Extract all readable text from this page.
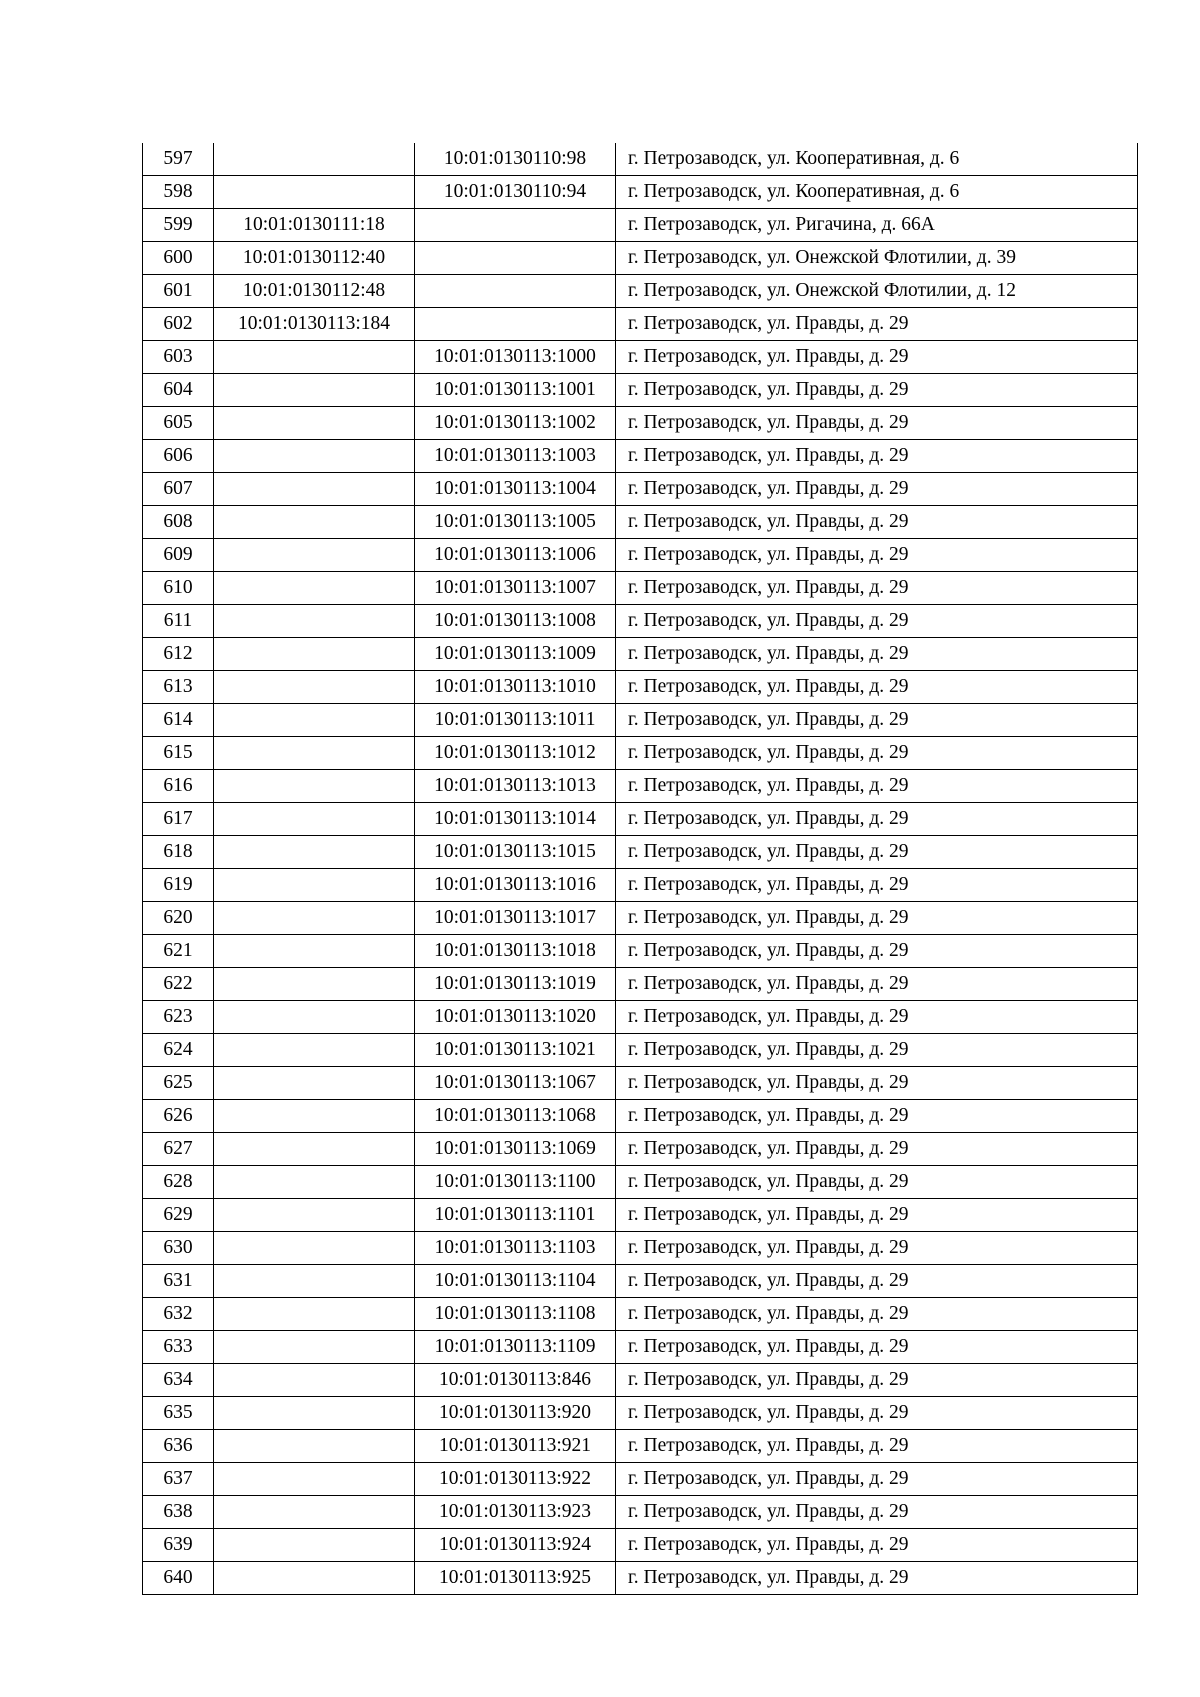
597		10:01:0130110:98	г. Петрозаводск, ул. Кооперативная, д. 6
598		10:01:0130110:94	г. Петрозаводск, ул. Кооперативная, д. 6
599	10:01:0130111:18		г. Петрозаводск, ул. Ригачина, д. 66А
600	10:01:0130112:40		г. Петрозаводск, ул. Онежской Флотилии, д. 39
601	10:01:0130112:48		г. Петрозаводск, ул. Онежской Флотилии, д. 12
602	10:01:0130113:184		г. Петрозаводск, ул. Правды, д. 29
603		10:01:0130113:1000	г. Петрозаводск, ул. Правды, д. 29
604		10:01:0130113:1001	г. Петрозаводск, ул. Правды, д. 29
605		10:01:0130113:1002	г. Петрозаводск, ул. Правды, д. 29
606		10:01:0130113:1003	г. Петрозаводск, ул. Правды, д. 29
607		10:01:0130113:1004	г. Петрозаводск, ул. Правды, д. 29
608		10:01:0130113:1005	г. Петрозаводск, ул. Правды, д. 29
609		10:01:0130113:1006	г. Петрозаводск, ул. Правды, д. 29
610		10:01:0130113:1007	г. Петрозаводск, ул. Правды, д. 29
611		10:01:0130113:1008	г. Петрозаводск, ул. Правды, д. 29
612		10:01:0130113:1009	г. Петрозаводск, ул. Правды, д. 29
613		10:01:0130113:1010	г. Петрозаводск, ул. Правды, д. 29
614		10:01:0130113:1011	г. Петрозаводск, ул. Правды, д. 29
615		10:01:0130113:1012	г. Петрозаводск, ул. Правды, д. 29
616		10:01:0130113:1013	г. Петрозаводск, ул. Правды, д. 29
617		10:01:0130113:1014	г. Петрозаводск, ул. Правды, д. 29
618		10:01:0130113:1015	г. Петрозаводск, ул. Правды, д. 29
619		10:01:0130113:1016	г. Петрозаводск, ул. Правды, д. 29
620		10:01:0130113:1017	г. Петрозаводск, ул. Правды, д. 29
621		10:01:0130113:1018	г. Петрозаводск, ул. Правды, д. 29
622		10:01:0130113:1019	г. Петрозаводск, ул. Правды, д. 29
623		10:01:0130113:1020	г. Петрозаводск, ул. Правды, д. 29
624		10:01:0130113:1021	г. Петрозаводск, ул. Правды, д. 29
625		10:01:0130113:1067	г. Петрозаводск, ул. Правды, д. 29
626		10:01:0130113:1068	г. Петрозаводск, ул. Правды, д. 29
627		10:01:0130113:1069	г. Петрозаводск, ул. Правды, д. 29
628		10:01:0130113:1100	г. Петрозаводск, ул. Правды, д. 29
629		10:01:0130113:1101	г. Петрозаводск, ул. Правды, д. 29
630		10:01:0130113:1103	г. Петрозаводск, ул. Правды, д. 29
631		10:01:0130113:1104	г. Петрозаводск, ул. Правды, д. 29
632		10:01:0130113:1108	г. Петрозаводск, ул. Правды, д. 29
633		10:01:0130113:1109	г. Петрозаводск, ул. Правды, д. 29
634		10:01:0130113:846	г. Петрозаводск, ул. Правды, д. 29
635		10:01:0130113:920	г. Петрозаводск, ул. Правды, д. 29
636		10:01:0130113:921	г. Петрозаводск, ул. Правды, д. 29
637		10:01:0130113:922	г. Петрозаводск, ул. Правды, д. 29
638		10:01:0130113:923	г. Петрозаводск, ул. Правды, д. 29
639		10:01:0130113:924	г. Петрозаводск, ул. Правды, д. 29
640		10:01:0130113:925	г. Петрозаводск, ул. Правды, д. 29
